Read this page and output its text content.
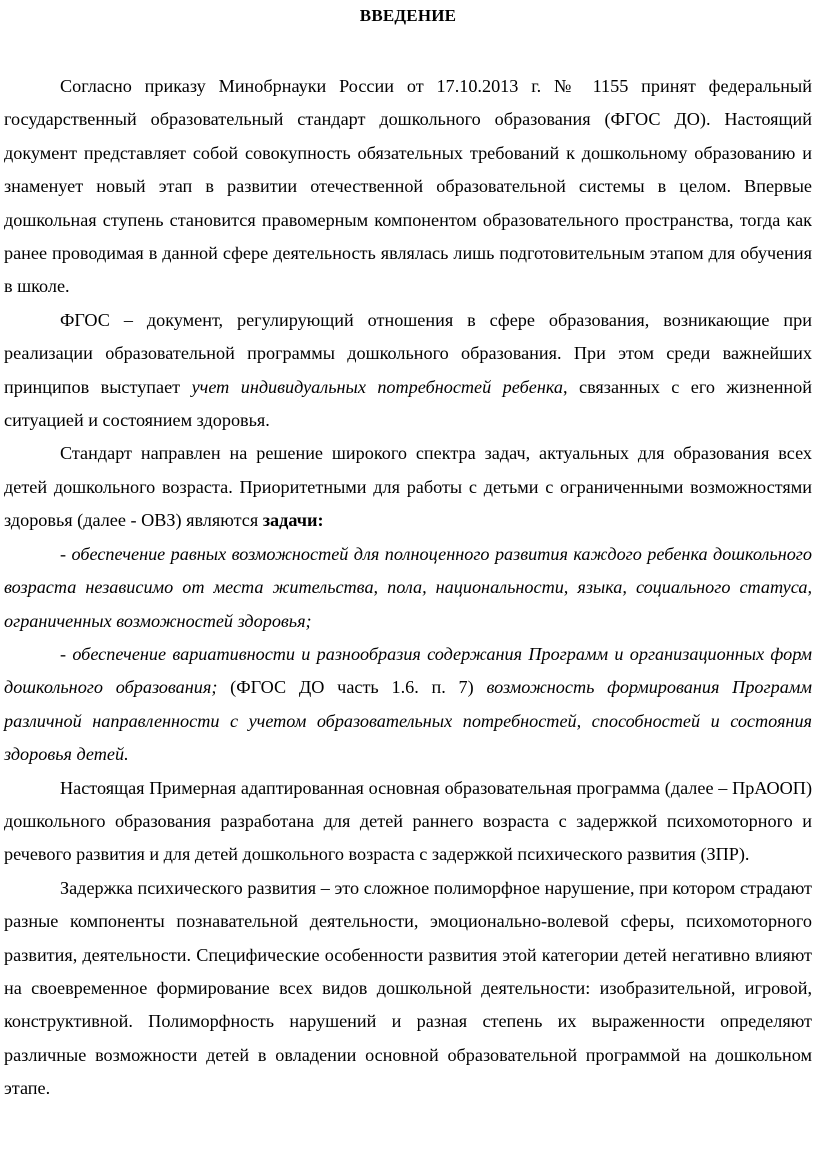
ВВЕДЕНИЕ

Согласно приказу Минобрнауки России от 17.10.2013 г. № 1155 принят федеральный государственный образовательный стандарт дошкольного образования (ФГОС ДО). Настоящий документ представляет собой совокупность обязательных требований к дошкольному образованию и знаменует новый этап в развитии отечественной образовательной системы в целом. Впервые дошкольная ступень становится правомерным компонентом образовательного пространства, тогда как ранее проводимая в данной сфере деятельность являлась лишь подготовительным этапом для обучения в школе.

ФГОС – документ, регулирующий отношения в сфере образования, возникающие при реализации образовательной программы дошкольного образования. При этом среди важнейших принципов выступает учет индивидуальных потребностей ребенка, связанных с его жизненной ситуацией и состоянием здоровья.

Стандарт направлен на решение широкого спектра задач, актуальных для образования всех детей дошкольного возраста. Приоритетными для работы с детьми с ограниченными возможностями здоровья (далее - ОВЗ) являются задачи:

- обеспечение равных возможностей для полноценного развития каждого ребенка дошкольного возраста независимо от места жительства, пола, национальности, языка, социального статуса, ограниченных возможностей здоровья;

- обеспечение вариативности и разнообразия содержания Программ и организационных форм дошкольного образования; (ФГОС ДО часть 1.6. п. 7) возможность формирования Программ различной направленности с учетом образовательных потребностей, способностей и состояния здоровья детей.

Настоящая Примерная адаптированная основная образовательная программа (далее – ПрАООП) дошкольного образования разработана для детей раннего возраста с задержкой психомоторного и речевого развития и для детей дошкольного возраста с задержкой психического развития (ЗПР).

Задержка психического развития – это сложное полиморфное нарушение, при котором страдают разные компоненты познавательной деятельности, эмоционально-волевой сферы, психомоторного развития, деятельности. Специфические особенности развития этой категории детей негативно влияют на своевременное формирование всех видов дошкольной деятельности: изобразительной, игровой, конструктивной. Полиморфность нарушений и разная степень их выраженности определяют различные возможности детей в овладении основной образовательной программой на дошкольном этапе.
